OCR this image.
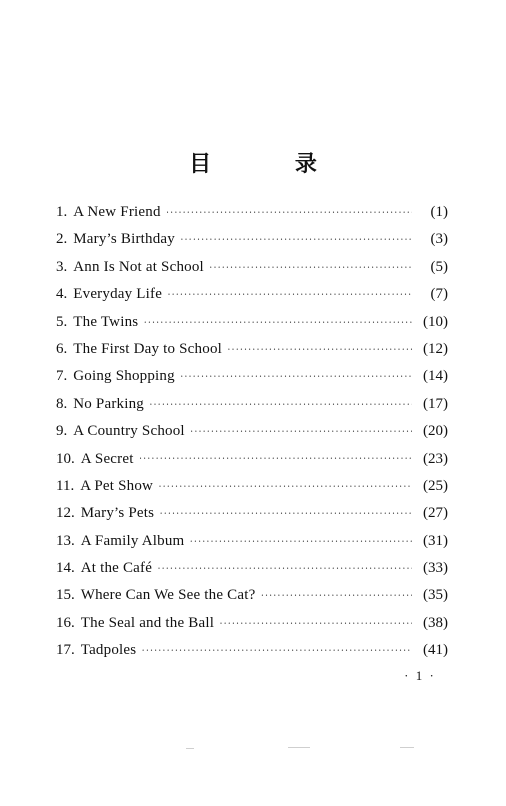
目 录
1. A New Friend •••••	(1)
2. Mary’s Birthday •••••	(3)
3. Ann Is Not at School •••••	(5)
4. Everyday Life •••••	(7)
5. The Twins •••••	(10)
6. The First Day to School •••••	(12)
7. Going Shopping •••••	(14)
8. No Parking •••••	(17)
9. A Country School •••••	(20)
10. A Secret •••••	(23)
11. A Pet Show •••••	(25)
12. Mary’s Pets •••••	(27)
13. A Family Album •••••	(31)
14. At the Café •••••	(33)
15. Where Can We See the Cat? •••••	(35)
16. The Seal and the Ball •••••	(38)
17. Tadpoles •••••	(41)
· 1 ·
